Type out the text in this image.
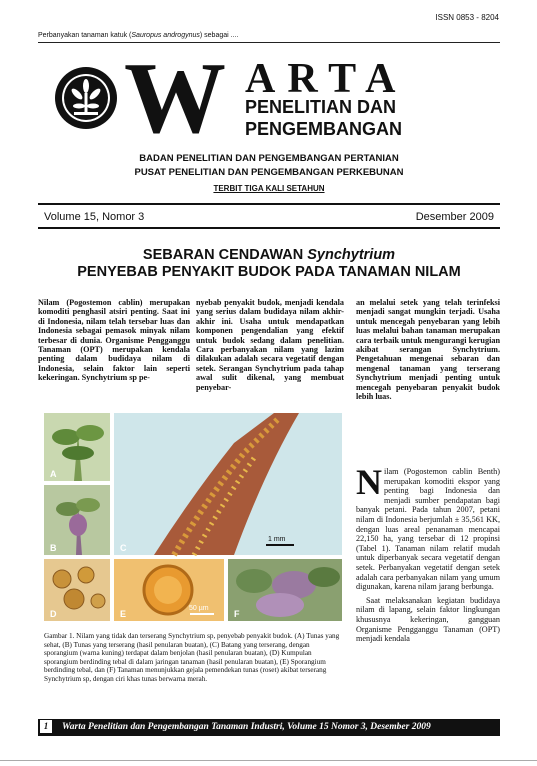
ISSN 0853 - 8204
Perbanyakan tanaman katuk (Sauropus androgynus) sebagai ....
W ARTA
PENELITIAN DAN
PENGEMBANGAN
BADAN PENELITIAN DAN PENGEMBANGAN PERTANIAN
PUSAT PENELITIAN DAN PENGEMBANGAN PERKEBUNAN
TERBIT TIGA KALI SETAHUN
Volume 15, Nomor 3	Desember 2009
SEBARAN CENDAWAN Synchytrium
PENYEBAB PENYAKIT BUDOK PADA TANAMAN NILAM
Nilam (Pogostemon cablin) merupakan komoditi penghasil atsiri penting. Saat ini di Indonesia, nilam telah tersebar luas dan Indonesia sebagai pemasok minyak nilam terbesar di dunia. Organisme Pengganggu Tanaman (OPT) merupakan kendala penting dalam budidaya nilam di Indonesia, selain faktor lain seperti kekeringan. Synchytrium sp pe-
nyebab penyakit budok, menjadi kendala yang serius dalam budidaya nilam akhir-akhir ini. Usaha untuk mendapatkan komponen pengendalian yang efektif untuk budok sedang dalam penelitian. Cara perbanyakan nilam yang lazim dilakukan adalah secara vegetatif dengan setek. Serangan Synchytrium pada tahap awal sulit dikenal, yang membuat penyebar-
an melalui setek yang telah terinfeksi menjadi sangat mungkin terjadi. Usaha untuk mencegah penyebaran yang lebih luas melalui bahan tanaman merupakan cara terbaik untuk mengurangi kerugian akibat serangan Synchytrium. Pengetahuan mengenai sebaran dan mengenal tanaman yang terserang Synchytrium menjadi penting untuk mencegah penyebaran penyakit budok lebih luas.
A
B
1 mm
C
D
50 µm
E	F
Gambar 1. Nilam yang tidak dan terserang Synchytrium sp, penyebab penyakit budok. (A) Tunas yang sehat, (B) Tunas yang terserang (hasil penularan buatan), (C) Batang yang terserang, dengan sporangium (warna kuning) terdapat dalam benjolan (hasil penularan buatan), (D) Kumpulan sporangium berdinding tebal di dalam jaringan tanaman (hasil penularan buatan), (E) Sporangium berdinding tebal, dan (F) Tanaman menunjukkan gejala pemendekan tunas (roset) akibat terserang Synchytrium sp, dengan ciri khas tunas berwarna merah.

Nilam (Pogostemon cablin Benth) merupakan komoditi ekspor yang penting bagi Indonesia dan menjadi sumber pendapatan bagi banyak petani. Pada tahun 2007, petani nilam di Indonesia berjumlah ± 35,561 KK, dengan luas areal penanaman mencapai 22,150 ha, yang tersebar di 12 propinsi (Tabel 1). Tanaman nilam relatif mudah untuk diperbanyak secara vegetatif dengan setek. Perbanyakan vegetatif dengan setek adalah cara perbanyakan nilam yang umum digunakan, karena nilam jarang berbunga.

Saat melaksanakan kegiatan budidaya nilam di lapang, selain faktor lingkungan khususnya kekeringan, gangguan Organisme Pengganggu Tanaman (OPT) menjadi kendala

1	Warta Penelitian dan Pengembangan Tanaman Industri, Volume 15 Nomor 3, Desember 2009
